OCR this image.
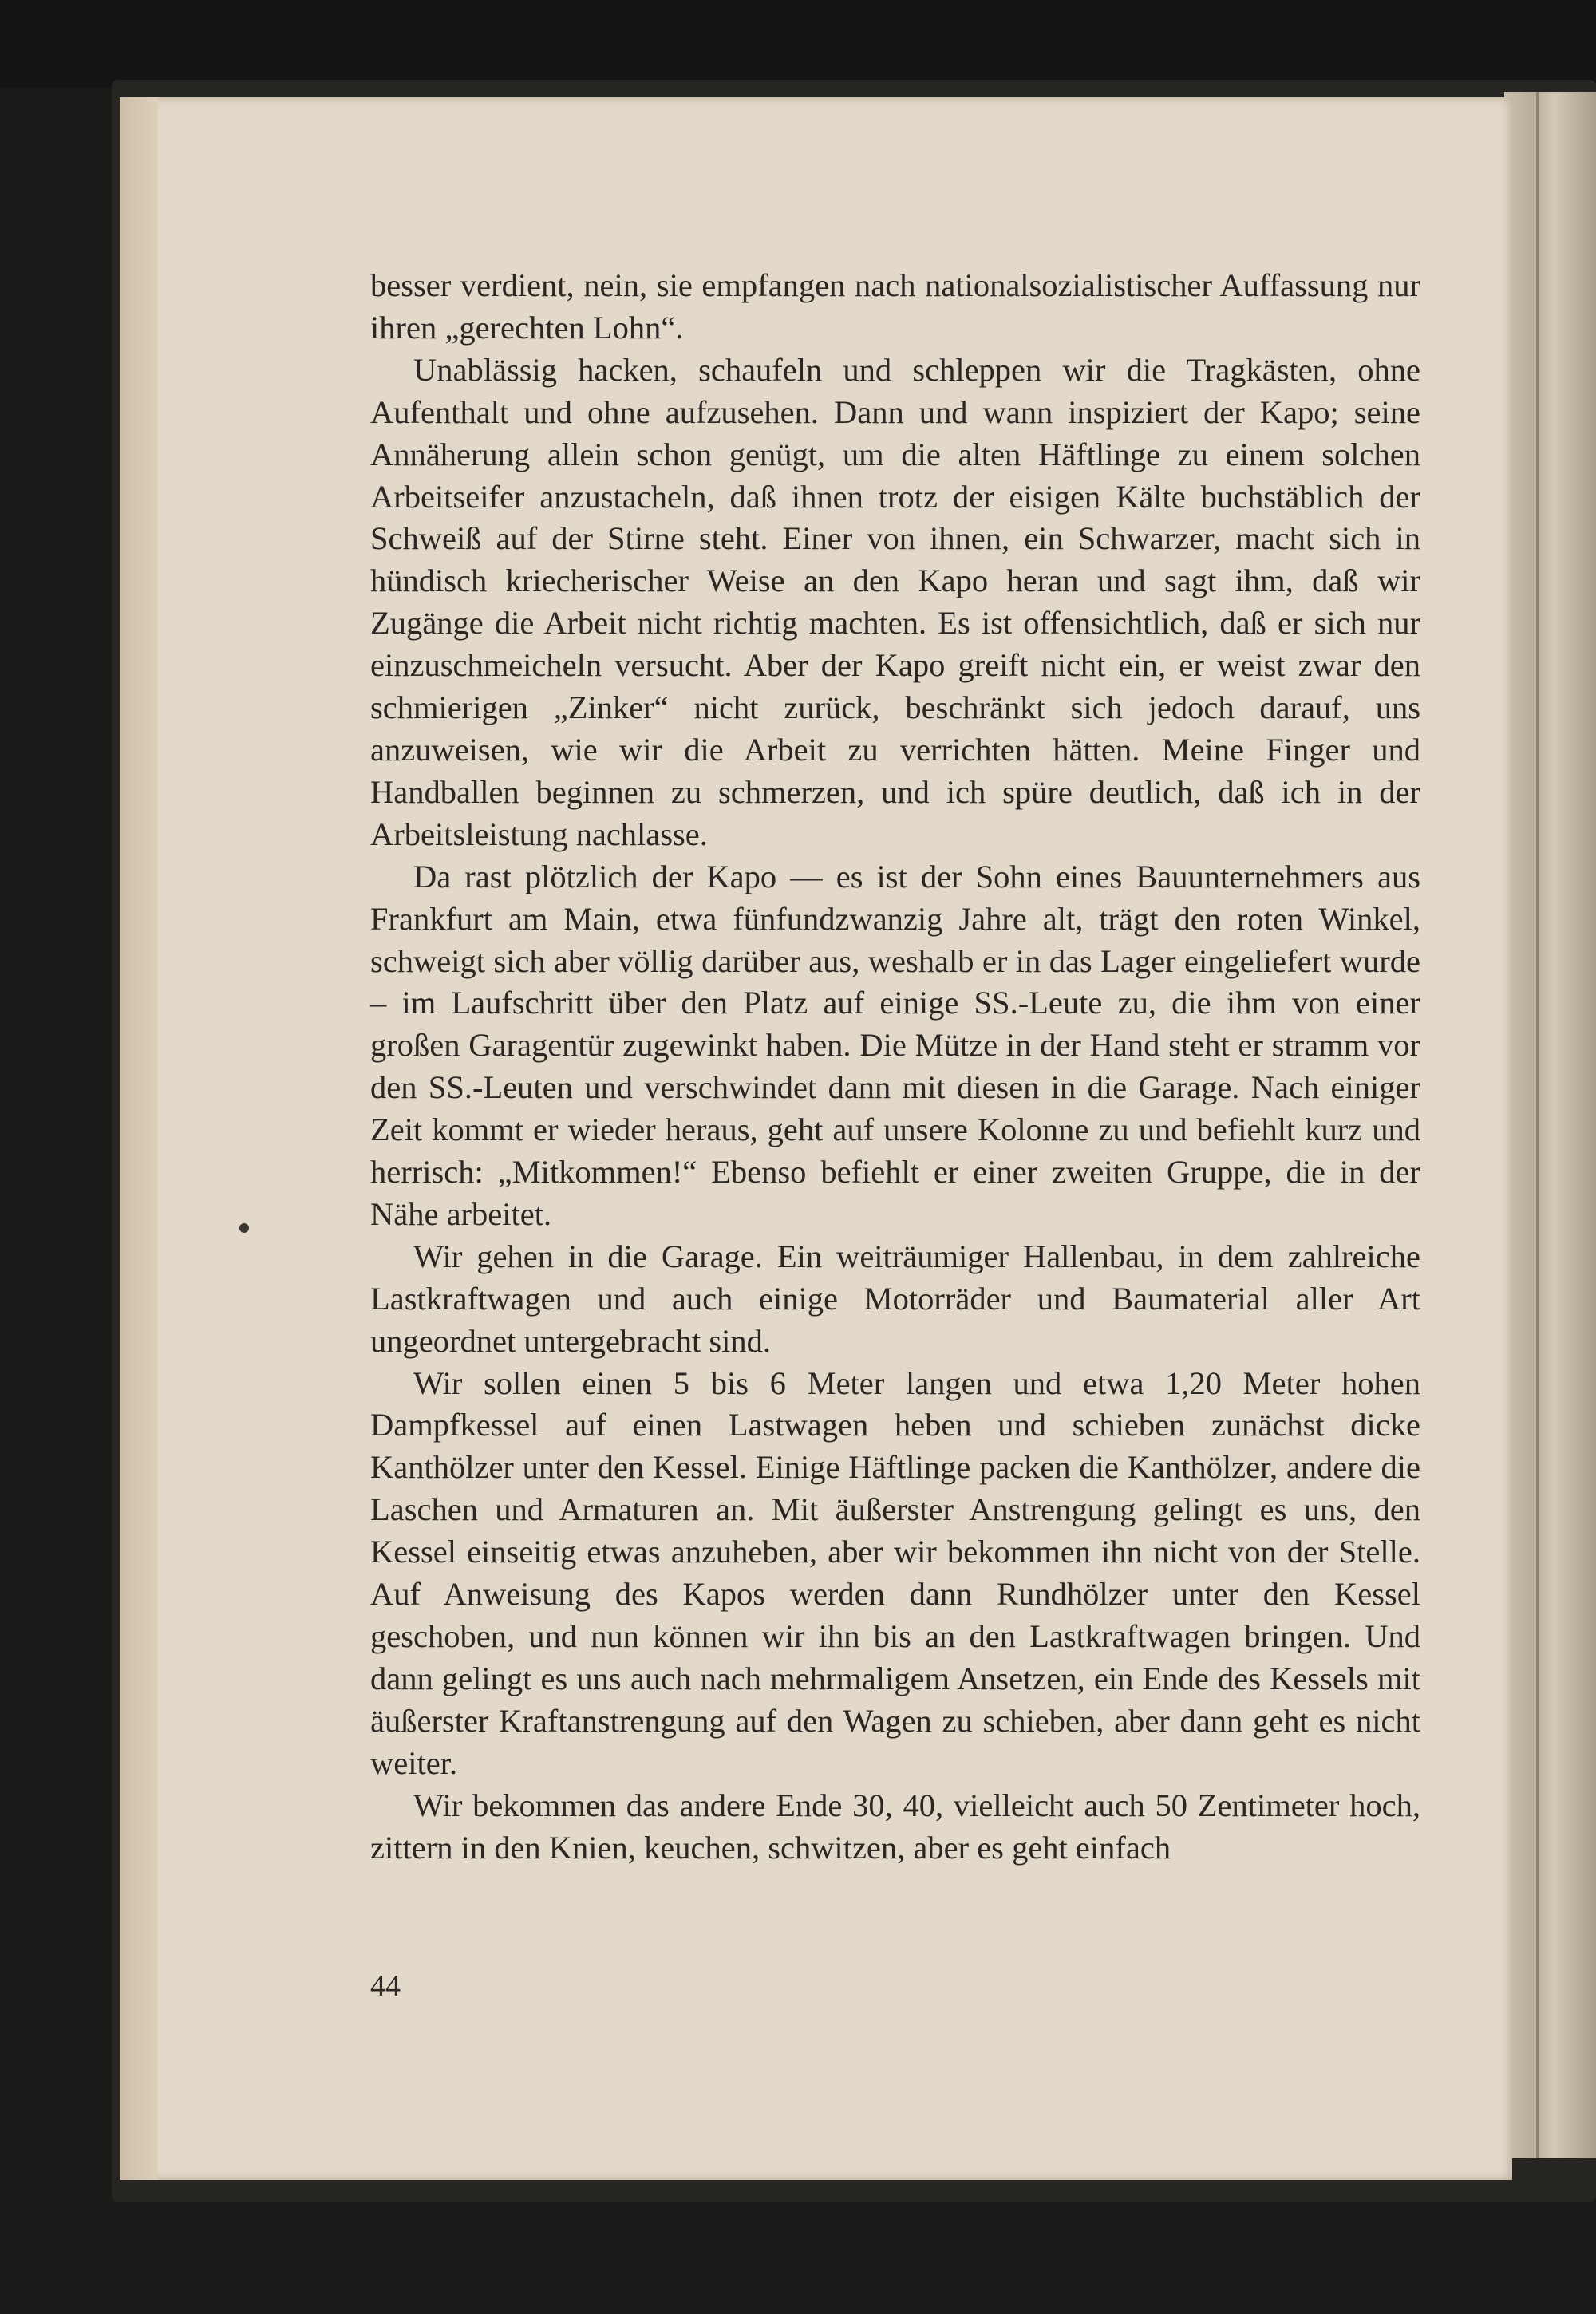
besser verdient, nein, sie empfangen nach nationalsozialistischer Auffassung nur ihren „gerechten Lohn“.

Unablässig hacken, schaufeln und schleppen wir die Tragkästen, ohne Aufenthalt und ohne aufzusehen. Dann und wann inspiziert der Kapo; seine Annäherung allein schon genügt, um die alten Häftlinge zu einem solchen Arbeitseifer anzustacheln, daß ihnen trotz der eisigen Kälte buchstäblich der Schweiß auf der Stirne steht. Einer von ihnen, ein Schwarzer, macht sich in hündisch kriecherischer Weise an den Kapo heran und sagt ihm, daß wir Zugänge die Arbeit nicht richtig machten. Es ist offensichtlich, daß er sich nur einzuschmeicheln versucht. Aber der Kapo greift nicht ein, er weist zwar den schmierigen „Zinker“ nicht zurück, beschränkt sich jedoch darauf, uns anzuweisen, wie wir die Arbeit zu verrichten hätten. Meine Finger und Handballen beginnen zu schmerzen, und ich spüre deutlich, daß ich in der Arbeitsleistung nachlasse.

Da rast plötzlich der Kapo — es ist der Sohn eines Bauunternehmers aus Frankfurt am Main, etwa fünfundzwanzig Jahre alt, trägt den roten Winkel, schweigt sich aber völlig darüber aus, weshalb er in das Lager eingeliefert wurde – im Laufschritt über den Platz auf einige SS.-Leute zu, die ihm von einer großen Garagentür zugewinkt haben. Die Mütze in der Hand steht er stramm vor den SS.-Leuten und verschwindet dann mit diesen in die Garage. Nach einiger Zeit kommt er wieder heraus, geht auf unsere Kolonne zu und befiehlt kurz und herrisch: „Mitkommen!“ Ebenso befiehlt er einer zweiten Gruppe, die in der Nähe arbeitet.

Wir gehen in die Garage. Ein weiträumiger Hallenbau, in dem zahlreiche Lastkraftwagen und auch einige Motorräder und Baumaterial aller Art ungeordnet untergebracht sind.

Wir sollen einen 5 bis 6 Meter langen und etwa 1,20 Meter hohen Dampfkessel auf einen Lastwagen heben und schieben zunächst dicke Kanthölzer unter den Kessel. Einige Häftlinge packen die Kanthölzer, andere die Laschen und Armaturen an. Mit äußerster Anstrengung gelingt es uns, den Kessel einseitig etwas anzuheben, aber wir bekommen ihn nicht von der Stelle. Auf Anweisung des Kapos werden dann Rundhölzer unter den Kessel geschoben, und nun können wir ihn bis an den Lastkraftwagen bringen. Und dann gelingt es uns auch nach mehrmaligem Ansetzen, ein Ende des Kessels mit äußerster Kraftanstrengung auf den Wagen zu schieben, aber dann geht es nicht weiter.

Wir bekommen das andere Ende 30, 40, vielleicht auch 50 Zentimeter hoch, zittern in den Knien, keuchen, schwitzen, aber es geht einfach

44
